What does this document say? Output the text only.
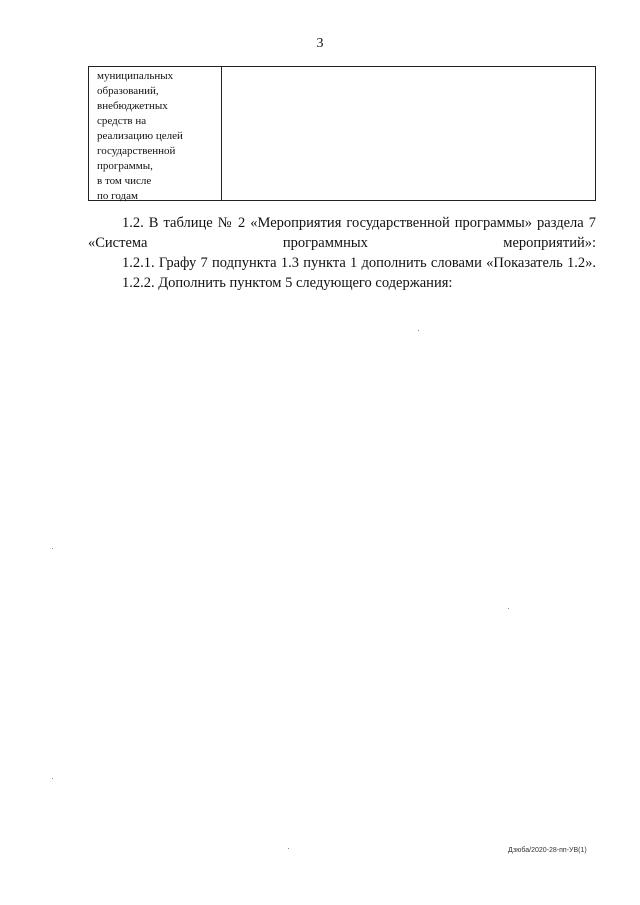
3
муниципальных
образований,
внебюджетных
средств на
реализацию целей
государственной
программы,
в том числе
по годам

1.2. В таблице № 2 «Мероприятия государственной программы» раздела 7 «Система программных мероприятий»:

1.2.1. Графу 7 подпункта 1.3 пункта 1 дополнить словами «Показатель 1.2».

1.2.2. Дополнить пунктом 5 следующего содержания:

Дзюба/2020-28-пп-УВ(1)
